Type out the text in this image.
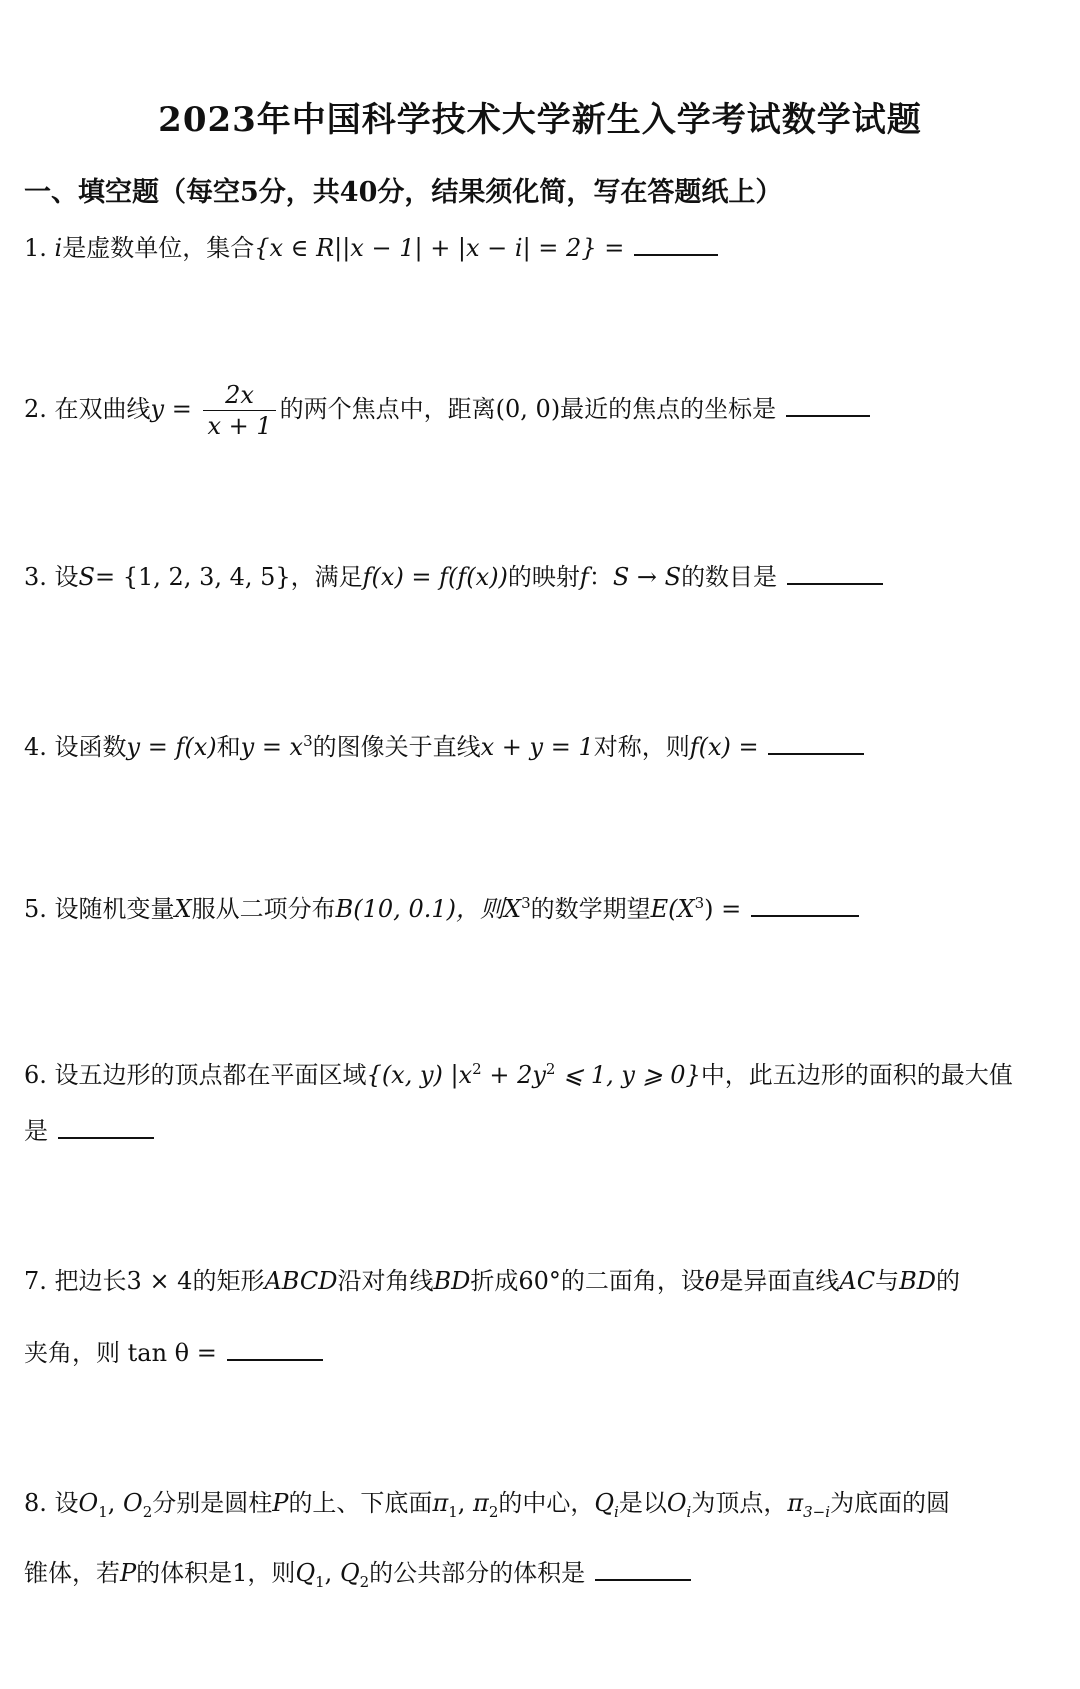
2023年中国科学技术大学新生入学考试数学试题
一、填空题（每空5分，共40分，结果须化简，写在答题纸上）
1. i是虚数单位，集合{x ∈ R||x − 1| + |x − i| = 2} =
2. 在双曲线$y = \frac{2x}{x + 1}$ 的两个焦点中，距离(0, 0)最近的焦点的坐标是
3. 设S= {1, 2, 3, 4, 5}，满足f(x) = f(f(x))的映射f：S → S的数目是
4. 设函数y = f(x)和$y = x^3$的图像关于直线x + y = 1对称，则f(x) =
5. 设随机变量X服从二项分布B(10, 0.1)，则$X^3$的数学期望$E(X^3)$ =
6. 设五边形的顶点都在平面区域{(x, y) $|x^2 + 2y^2$ ⩽ 1, y ⩾ 0}中，此五边形的面积的最大值
是
7. 把边长3 × 4的矩形ABCD沿对角线BD折成60°的二面角，设θ是异面直线AC与BD的
夹角，则 tan θ =
8. 设$O_1$, $O_2$分别是圆柱P的上、下底面$\pi_1$, $\pi_2$的中心，$Q_i$是以$O_i$为顶点，$\pi_{3-i}$为底面的圆
锥体，若P的体积是1，则$Q_1$, $Q_2$的公共部分的体积是
